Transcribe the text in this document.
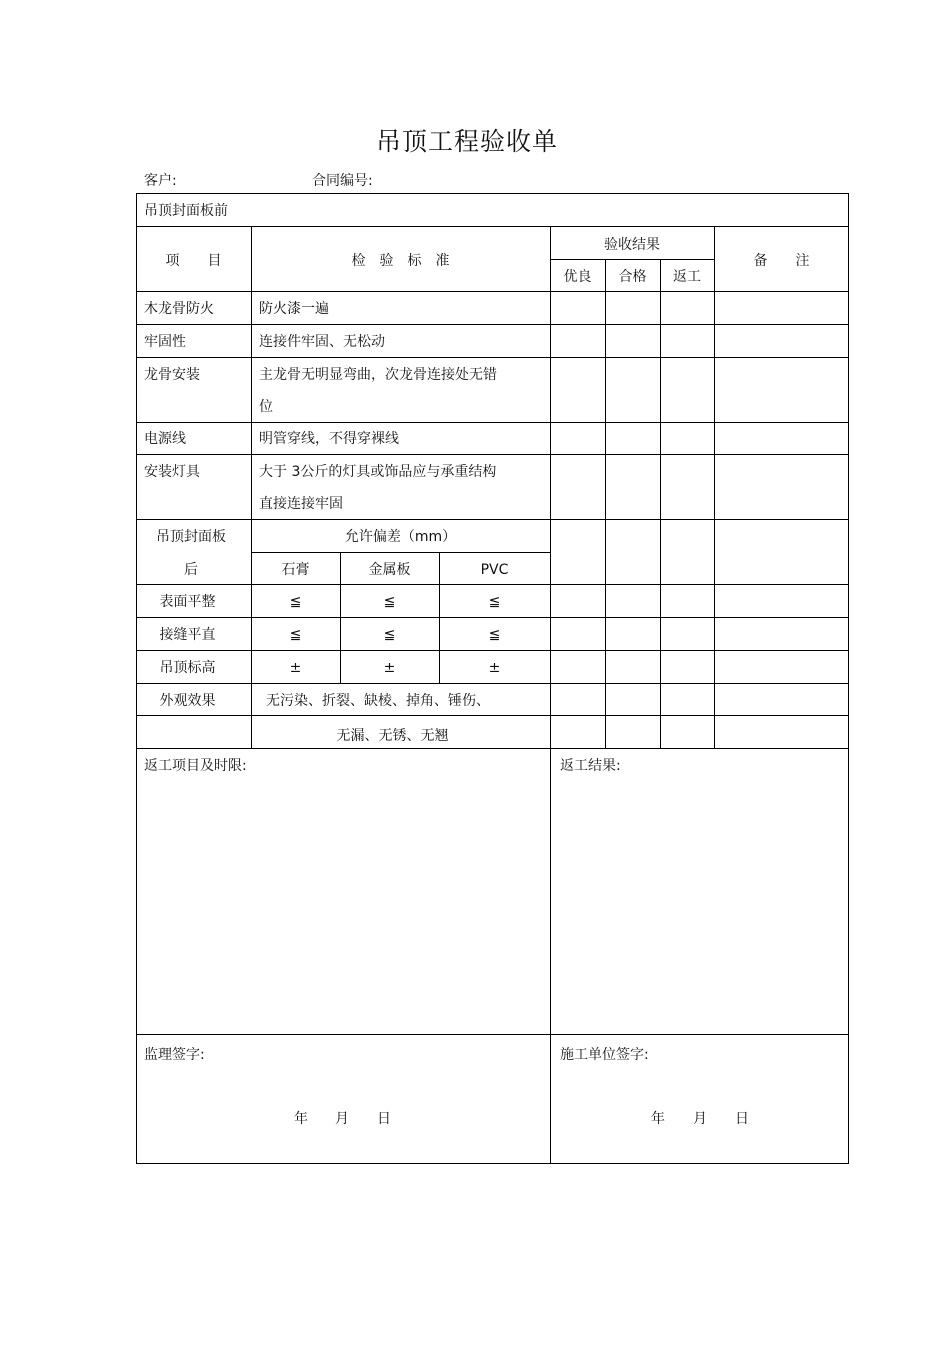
吊顶工程验收单
客户:	合同编号:
吊顶封面板前
项　　目	检　验　标　准
验收结果
优良	合格	返工
备　　注
木龙骨防火	防火漆一遍
牢固性	连接件牢固、无松动
龙骨安装	主龙骨无明显弯曲，次龙骨连接处无错
位
电源线	明管穿线，不得穿裸线
安装灯具	大于 3公斤的灯具或饰品应与承重结构
直接连接牢固
吊顶封面板
后
允许偏差（mm）
石膏	金属板	PVC
表面平整	≦	≦	≦
接缝平直	≦	≦	≦
吊顶标高	±	±	±
外观效果	无污染、折裂、缺棱、掉角、锤伤、
无漏、无锈、无翘
返工项目及时限:	返工结果:
监理签字:	施工单位签字:
年 月 日	年 月 日
